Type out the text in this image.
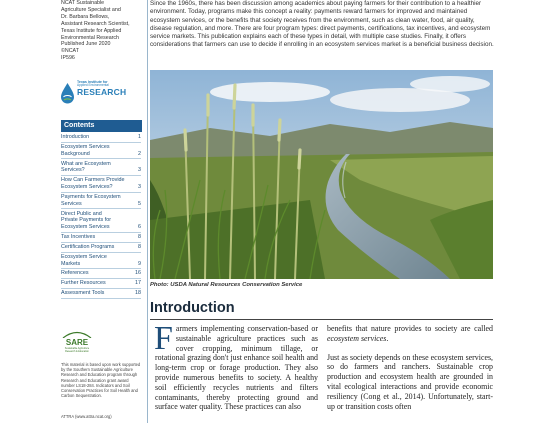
NCAT Sustainable
Agriculture Specialist and
Dr. Barbara Bellows,
Assistant Research Scientist,
Texas Institute for Applied
Environmental Research
Published June 2020
©NCAT
IP596
Texas Institute for
Applied Environmental
RESEARCH
Contents
Introduction	1
Ecosystem Services
Background	2
What are Ecosystem
Services?	3
How Can Farmers Provide
Ecosystem Services?	3
Payments for Ecosystem
Services	5
Direct Public and
Private Payments for
Ecosystem Services	6
Tax Incentives	8
Certification Programs	8
Ecosystem Service
Markets	9
References	16
Further Resources	17
Assessment Tools	18
SARE
Sustainable Agriculture Research & Education
This material is based upon work supported by the Southern Sustainable Agriculture Research and Education program through Research and Education grant award number LS18-284. Indicators and Soil Conservation Practices for Soil Health and Carbon Sequestration.
ATTRA (www.attra.ncat.org)
Since the 1960s, there has been discussion among academics about paying farmers for their contribution to a healthier environment. Today, programs make this concept a reality: payments reward farmers for improved and maintained ecosystem services, or the benefits that society receives from the environment, such as clean water, food, air quality, disease regulation, and more. There are four program types: direct payments, certifications, tax incentives, and ecosystem service markets. This publication explains each of these types in detail, with multiple case studies. Finally, it offers considerations that farmers can use to decide if enrolling in an ecosystem services market is a beneficial business decision.
Photo: USDA Natural Resources Conservation Service
Introduction
Farmers implementing conservation-based or sustainable agriculture practices such as cover cropping, minimum tillage, or rotational grazing don't just enhance soil health and long-term crop or forage production. They also provide numerous benefits to society. A healthy soil efficiently recycles nutrients and filters contaminants, thereby protecting ground and surface water quality. These practices can also

benefits that nature provides to society are called ecosystem services.

Just as society depends on these ecosystem services, so do farmers and ranchers. Sustainable crop production and ecosystem health are grounded in vital ecological interactions and provide economic resiliency (Cong et al., 2014). Unfortunately, start-up or transition costs often
